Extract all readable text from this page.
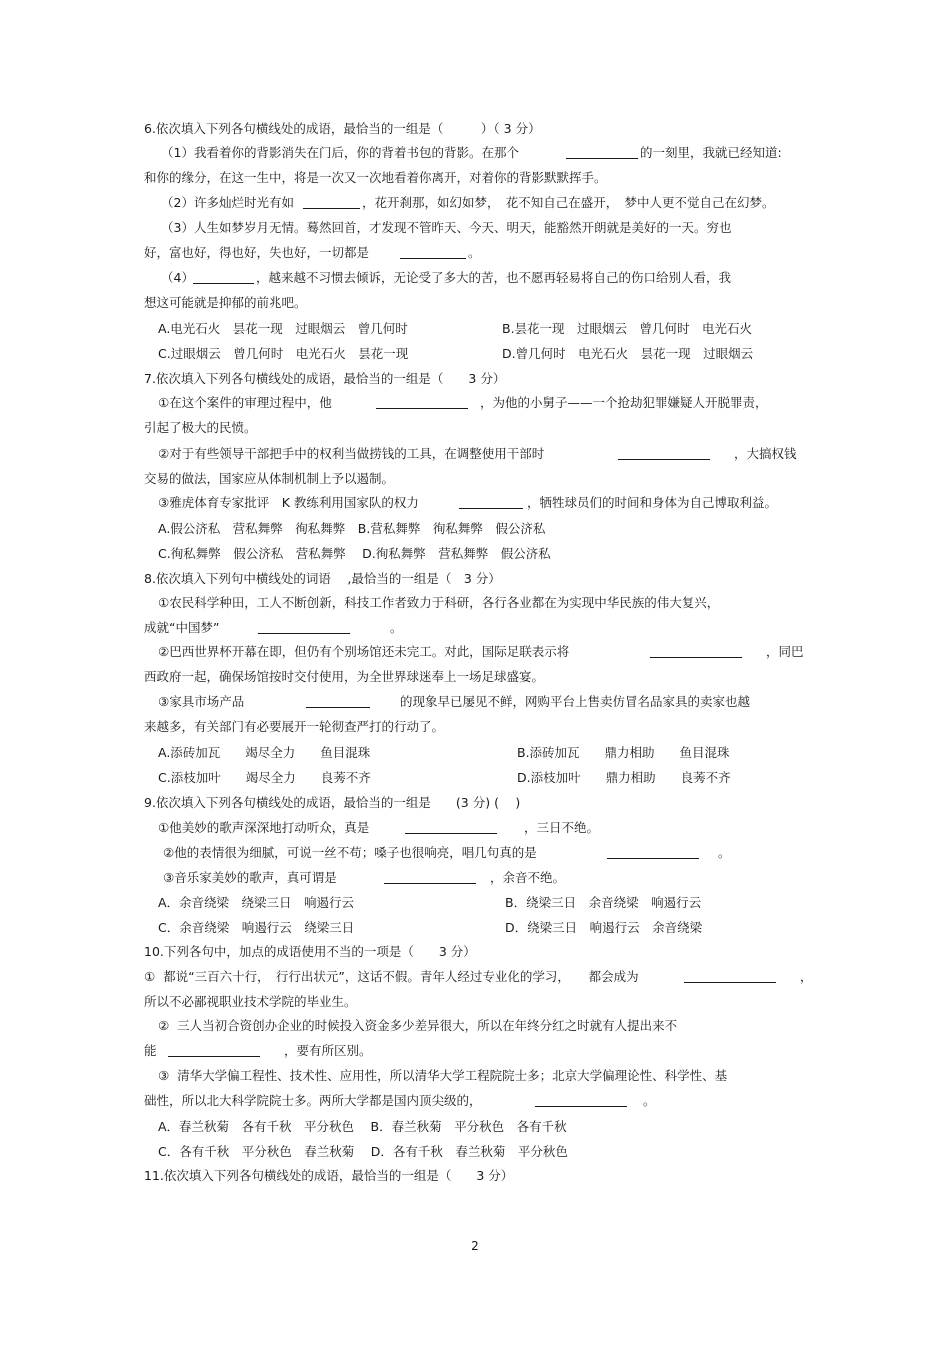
6.依次填入下列各句横线处的成语，最恰当的一组是（　　　）（ 3 分）

（1）我看着你的背影消失在门后，你的背着书包的背影。在那个	的一刻里，我就已经知道:

和你的缘分，在这一生中，将是一次又一次地看着你离开，对着你的背影默默挥手。

（2）许多灿烂时光有如	，花开刹那，如幻如梦，　花不知自己在盛开，　梦中人更不觉自己在幻梦。

（3）人生如梦岁月无情。蓦然回首，才发现不管昨天、今天、明天，能豁然开朗就是美好的一天。穷也

好，富也好，得也好，失也好，一切都是	。

（4）	，越来越不习惯去倾诉，无论受了多大的苦，也不愿再轻易将自己的伤口给别人看，我

想这可能就是抑郁的前兆吧。

A.电光石火　昙花一现　过眼烟云　曾几何时	B.昙花一现　过眼烟云　曾几何时　电光石火

C.过眼烟云　曾几何时　电光石火　昙花一现	D.曾几何时　电光石火　昙花一现　过眼烟云

7.依次填入下列各句横线处的成语，最恰当的一组是（　　3 分）

①在这个案件的审理过程中，他	，为他的小舅子——一个抢劫犯罪嫌疑人开脱罪责，

引起了极大的民愤。

②对于有些领导干部把手中的权利当做捞钱的工具，在调整使用干部时	，大搞权钱

交易的做法，国家应从体制机制上予以遏制。

③雅虎体育专家批评　K 教练利用国家队的权力	，牺牲球员们的时间和身体为自己博取利益。

A.假公济私　营私舞弊　徇私舞弊　B.营私舞弊　徇私舞弊　假公济私

C.徇私舞弊　假公济私　营私舞弊　 D.徇私舞弊　营私舞弊　假公济私

8.依次填入下列句中横线处的词语　 ,最恰当的一组是（　3 分）

①农民科学种田，工人不断创新，科技工作者致力于科研，各行各业都在为实现中华民族的伟大复兴，

成就“中国梦”	。

②巴西世界杯开幕在即，但仍有个别场馆还未完工。对此，国际足联表示将	，同巴

西政府一起，确保场馆按时交付使用，为全世界球迷奉上一场足球盛宴。

③家具市场产品	的现象早已屡见不鲜，网购平台上售卖仿冒名品家具的卖家也越

来越多，有关部门有必要展开一轮彻查严打的行动了。

A.添砖加瓦　　竭尽全力　　鱼目混珠	B.添砖加瓦　　鼎力相助　　鱼目混珠

C.添枝加叶　　竭尽全力　　良莠不齐	D.添枝加叶　　鼎力相助　　良莠不齐

9.依次填入下列各句横线处的成语，最恰当的一组是　　(3 分) (　 )

①他美妙的歌声深深地打动听众，真是	，三日不绝。

②他的表情很为细腻，可说一丝不苟；嗓子也很响亮，唱几句真的是	。

③音乐家美妙的歌声，真可谓是	，余音不绝。

A．余音绕梁　绕梁三日　响遏行云	B．绕梁三日　余音绕梁　响遏行云

C．余音绕梁　响遏行云　绕梁三日	D．绕梁三日　响遏行云　余音绕梁

10.下列各句中，加点的成语使用不当的一项是（　　3 分）

①  都说“三百六十行，　行行出状元”，这话不假。青年人经过专业化的学习，　　都会成为	，

所以不必鄙视职业技术学院的毕业生。

②  三人当初合资创办企业的时候投入资金多少差异很大，所以在年终分红之时就有人提出来不

能	，要有所区别。

③  清华大学偏工程性、技术性、应用性，所以清华大学工程院院士多；北京大学偏理论性、科学性、基

础性，所以北大科学院院士多。两所大学都是国内顶尖级的，	。

A．春兰秋菊　各有千秋　平分秋色　 B．春兰秋菊　平分秋色　各有千秋

C．各有千秋　平分秋色　春兰秋菊　 D．各有千秋　春兰秋菊　平分秋色

11.依次填入下列各句横线处的成语，最恰当的一组是（　　3 分）

2
